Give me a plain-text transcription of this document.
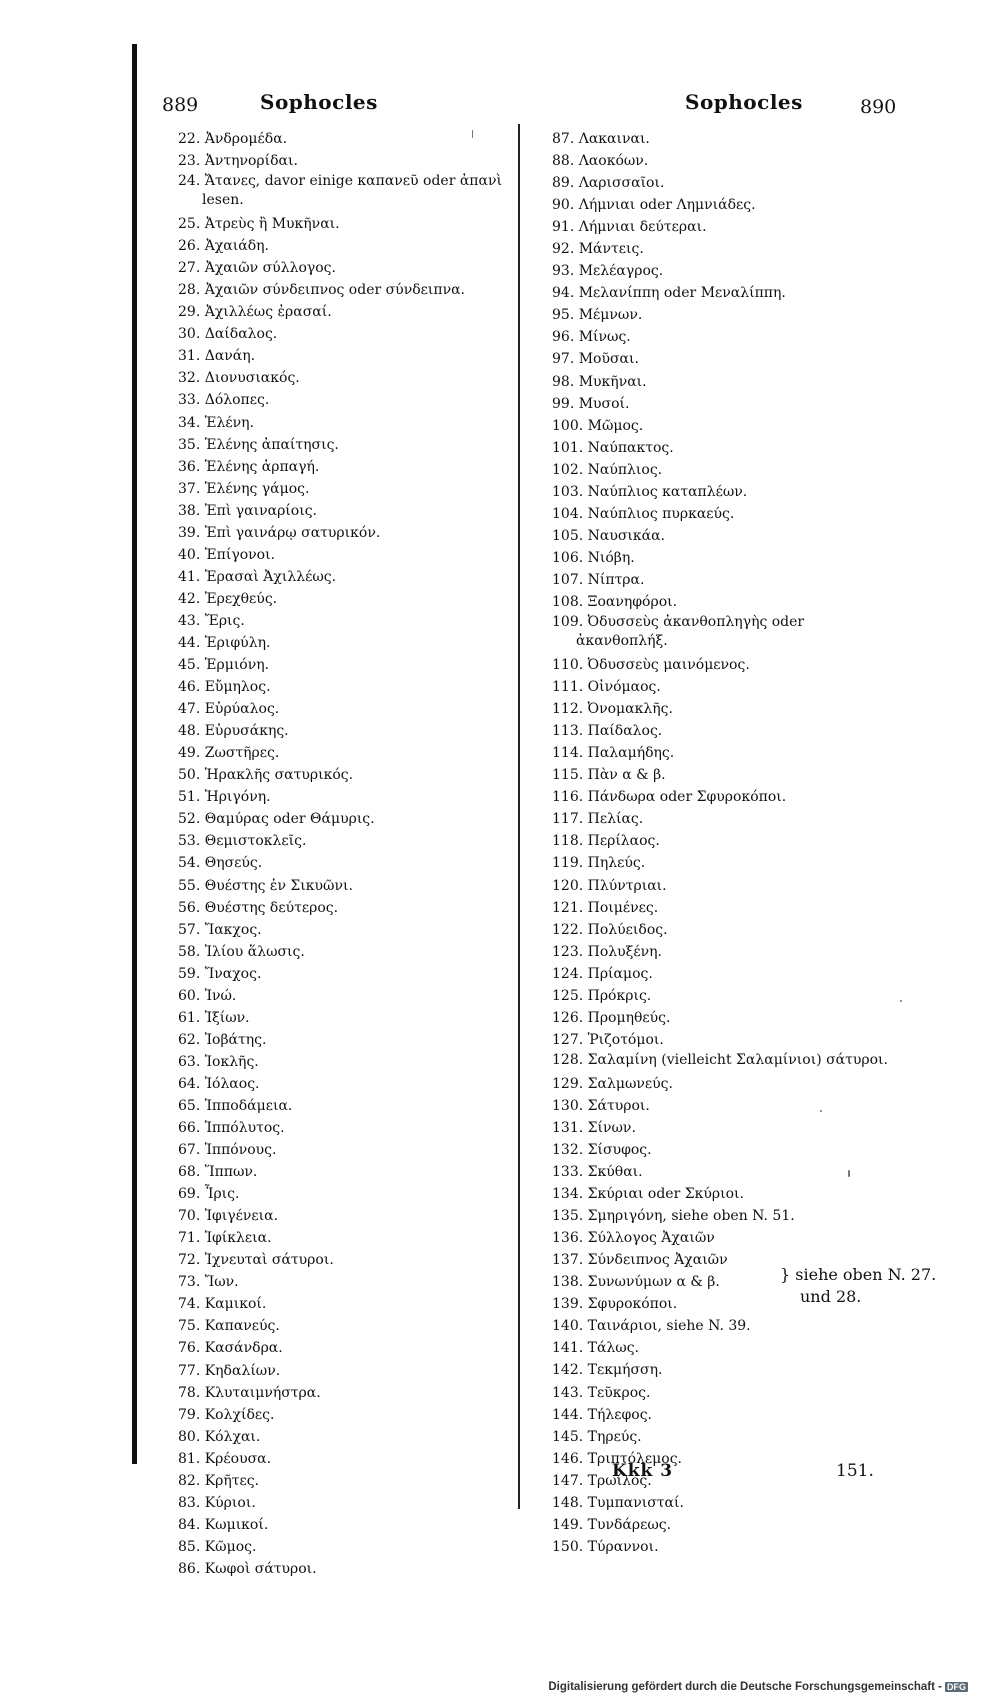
889	Sophocles	Sophocles	890
22. Ἀνδρομέδα.
23. Ἀντηνορίδαι.
24. Ἄτανες, davor einige καπανεῦ oder ἀπανὶ lesen.
25. Ἀτρεὺς ἢ Μυκῆναι.
26. Ἀχαιάδη.
27. Ἀχαιῶν σύλλογος.
28. Ἀχαιῶν σύνδειπνος oder σύνδειπνα.
29. Ἀχιλλέως ἐρασαί.
30. Δαίδαλος.
31. Δανάη.
32. Διονυσιακός.
33. Δόλοπες.
34. Ἑλένη.
35. Ἑλένης ἀπαίτησις.
36. Ἑλένης ἁρπαγή.
37. Ἑλένης γάμος.
38. Ἐπὶ γαιναρίοις.
39. Ἐπὶ γαινάρῳ σατυρικόν.
40. Ἐπίγονοι.
41. Ἐρασαὶ Ἀχιλλέως.
42. Ἐρεχθεύς.
43. Ἔρις.
44. Ἐριφύλη.
45. Ἑρμιόνη.
46. Εὔμηλος.
47. Εὐρύαλος.
48. Εὐρυσάκης.
49. Ζωστῆρες.
50. Ἡρακλῆς σατυρικός.
51. Ἠριγόνη.
52. Θαμύρας oder Θάμυρις.
53. Θεμιστοκλεῖς.
54. Θησεύς.
55. Θυέστης ἐν Σικυῶνι.
56. Θυέστης δεύτερος.
57. Ἴακχος.
58. Ἰλίου ἅλωσις.
59. Ἴναχος.
60. Ἰνώ.
61. Ἰξίων.
62. Ἰοβάτης.
63. Ἰοκλῆς.
64. Ἰόλαος.
65. Ἱπποδάμεια.
66. Ἱππόλυτος.
67. Ἱππόνους.
68. Ἵππων.
69. Ἶρις.
70. Ἰφιγένεια.
71. Ἰφίκλεια.
72. Ἰχνευταὶ σάτυροι.
73. Ἴων.
74. Καμικοί.
75. Καπανεύς.
76. Κασάνδρα.
77. Κηδαλίων.
78. Κλυταιμνήστρα.
79. Κολχίδες.
80. Κόλχαι.
81. Κρέουσα.
82. Κρῆτες.
83. Κύριοι.
84. Κωμικοί.
85. Κῶμος.
86. Κωφοὶ σάτυροι.
87. Λακαιναι.
88. Λαοκόων.
89. Λαρισσαῖοι.
90. Λήμνιαι oder Λημνιάδες.
91. Λήμνιαι δεύτεραι.
92. Μάντεις.
93. Μελέαγρος.
94. Μελανίππη oder Μεναλίππη.
95. Μέμνων.
96. Μίνως.
97. Μοῦσαι.
98. Μυκῆναι.
99. Μυσοί.
100. Μῶμος.
101. Ναύπακτος.
102. Ναύπλιος.
103. Ναύπλιος καταπλέων.
104. Ναύπλιος πυρκαεύς.
105. Ναυσικάα.
106. Νιόβη.
107. Νίπτρα.
108. Ξοανηφόροι.
109. Ὀδυσσεὺς ἀκανθοπληγὴς oder ἀκανθοπλήξ.
110. Ὀδυσσεὺς μαινόμενος.
111. Οἰνόμαος.
112. Ὀνομακλῆς.
113. Παίδαλος.
114. Παλαμήδης.
115. Πὰν α & β.
116. Πάνδωρα oder Σφυροκόποι.
117. Πελίας.
118. Περίλαος.
119. Πηλεύς.
120. Πλύντριαι.
121. Ποιμένες.
122. Πολύειδος.
123. Πολυξένη.
124. Πρίαμος.
125. Πρόκρις.
126. Προμηθεύς.
127. Ῥιζοτόμοι.
128. Σαλαμίνη (vielleicht Σαλαμίνιοι) σάτυροι.
129. Σαλμωνεύς.
130. Σάτυροι.
131. Σίνων.
132. Σίσυφος.
133. Σκύθαι.
134. Σκύριαι oder Σκύριοι.
135. Σμηριγόνη, siehe oben N. 51.
136. Σύλλογος Ἀχαιῶν
137. Σύνδειπνος Ἀχαιῶν
138. Συνωνύμων α & β.
139. Σφυροκόποι.
140. Ταινάριοι, siehe N. 39.
141. Τάλως.
142. Τεκμήσση.
143. Τεῦκρος.
144. Τήλεφος.
145. Τηρεύς.
146. Τριπτόλεμος.
147. Τρωίλος.
148. Τυμπανισταί.
149. Τυνδάρεως.
150. Τύραννοι.
} siehe oben N. 27.
und 28.
Kkk 3	151.
Digitalisierung gefördert durch die Deutsche Forschungsgemeinschaft - DFG
